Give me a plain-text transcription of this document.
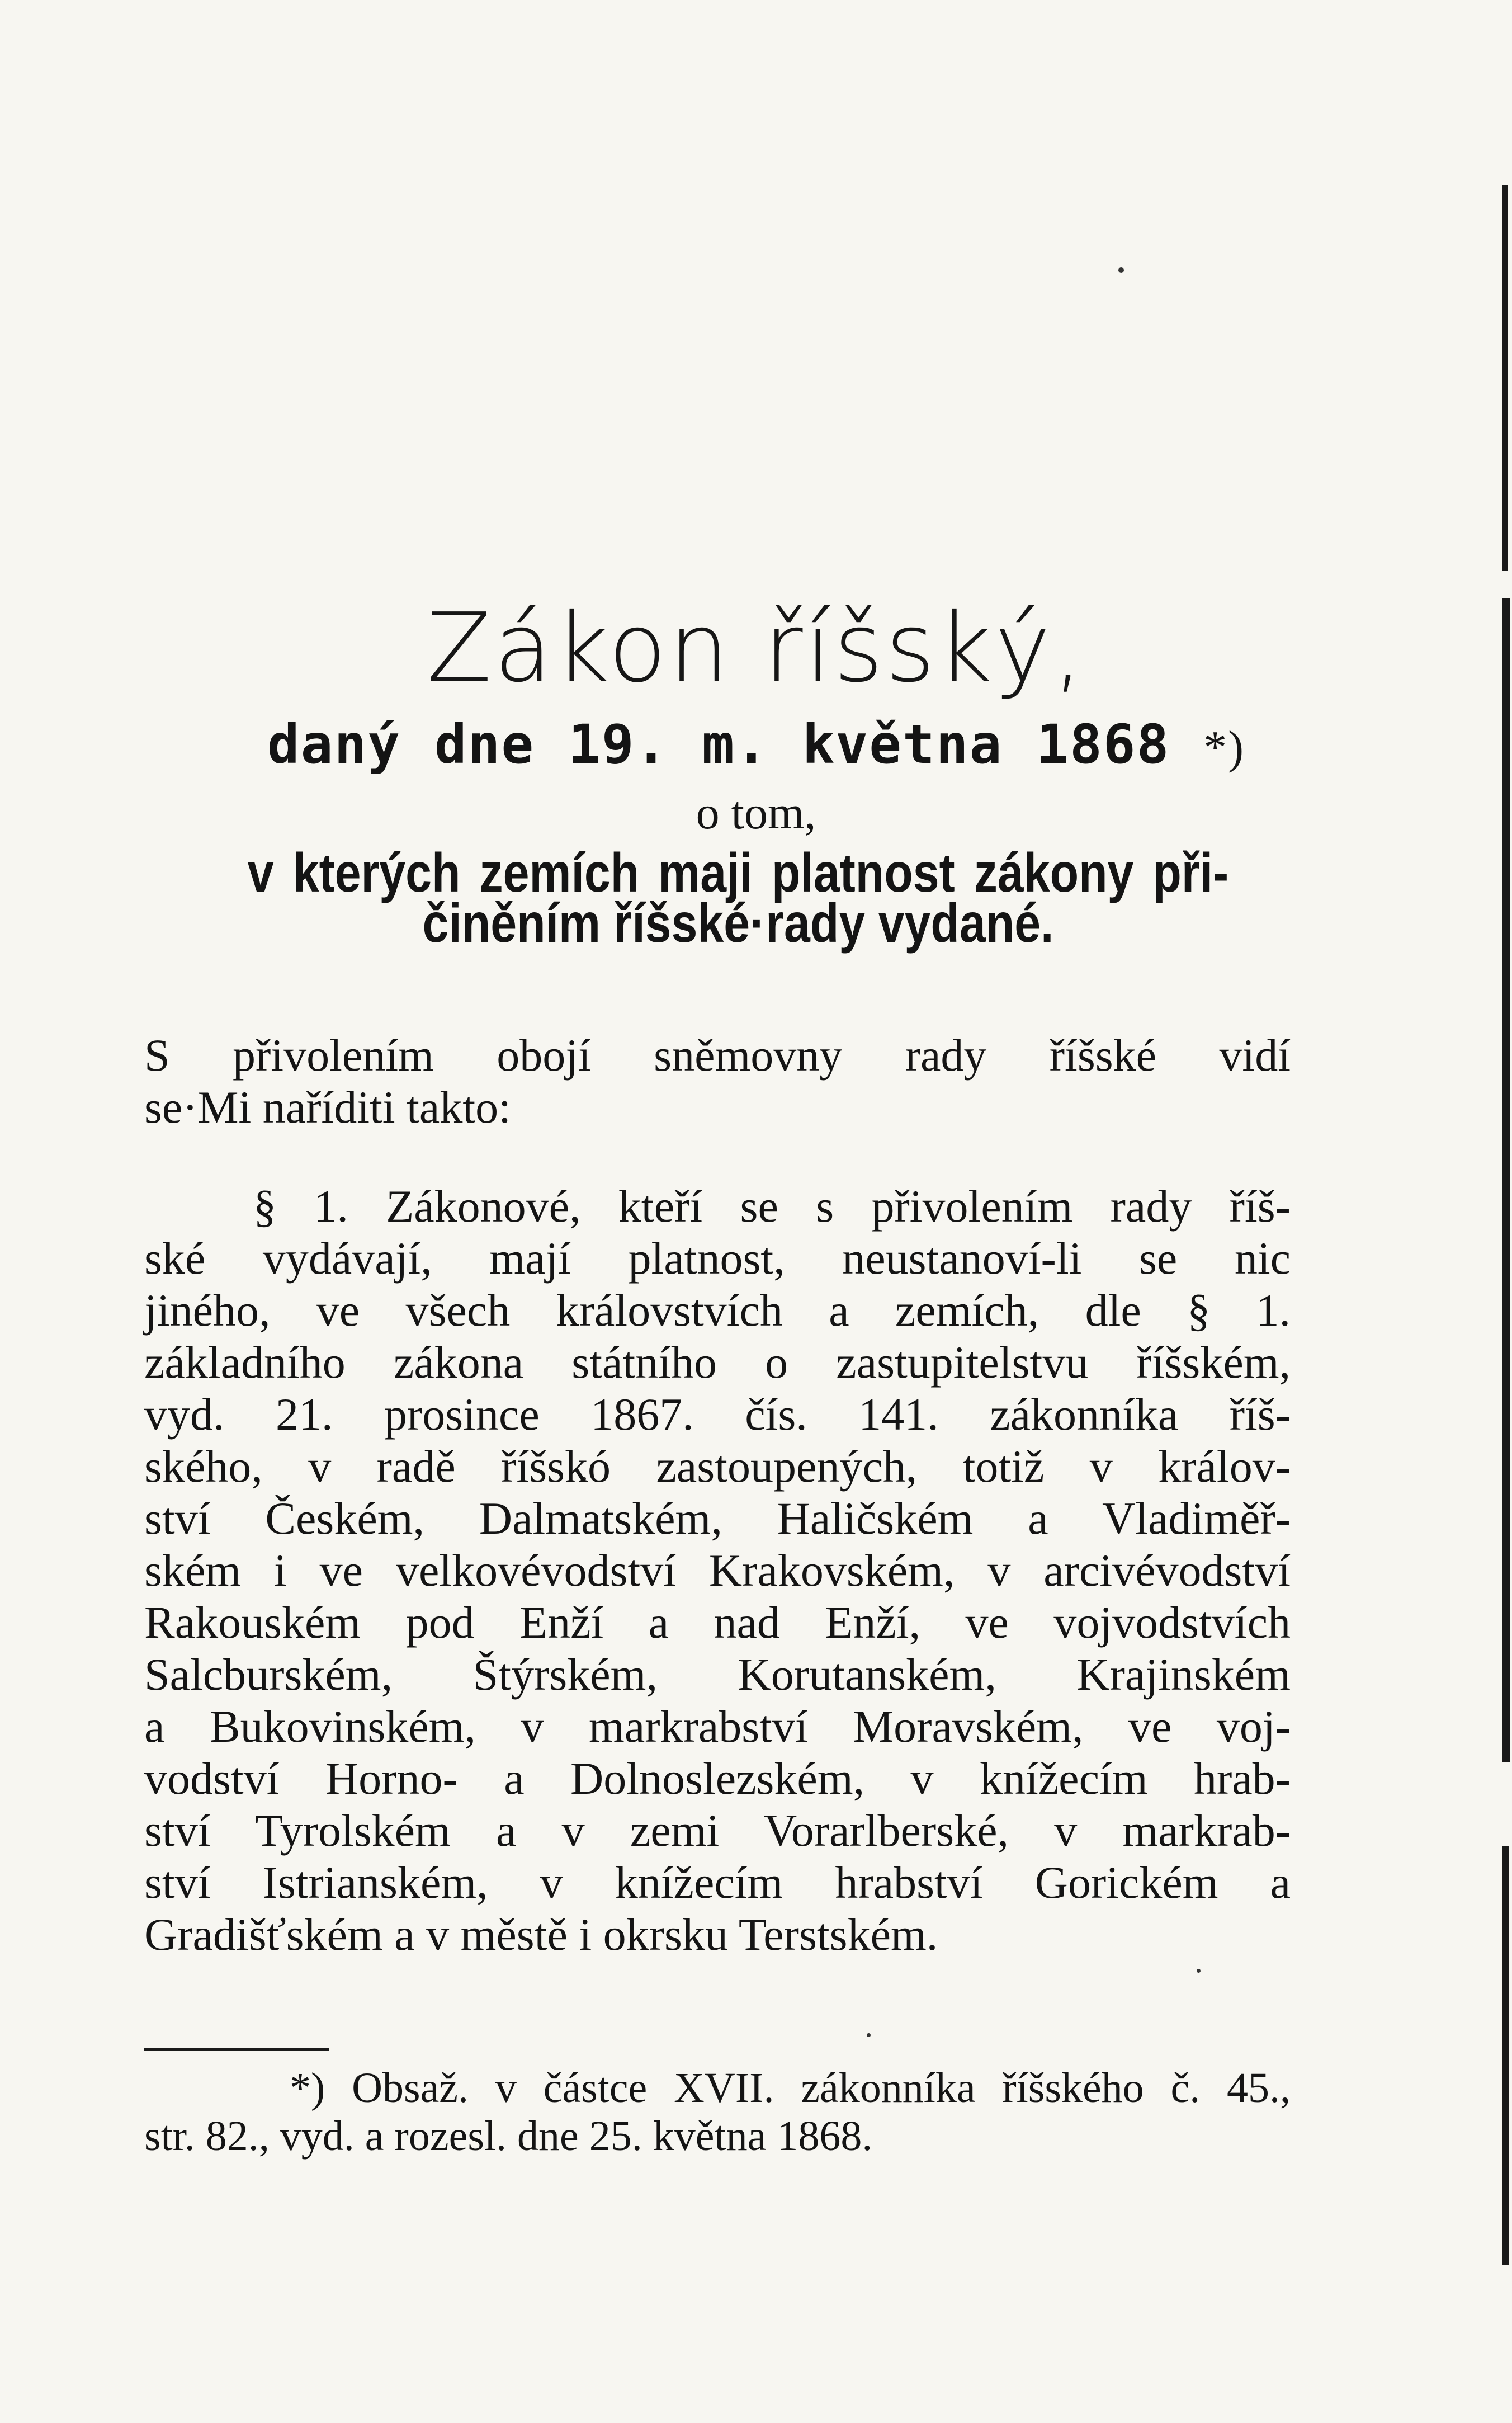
Zákon říšský,
daný dne 19. m. května 1868 *)
o tom,
v kterých zemích maji platnost zákony při-
činěním říšské·rady vydané.
S přivolením obojí sněmovny rady říšské vidí
se·Mi naříditi takto:
§ 1. Zákonové, kteří se s přivolením rady říš-
ské vydávají, mají platnost, neustanoví-li se nic
jiného, ve všech královstvích a zemích, dle § 1.
základního zákona státního o zastupitelstvu říšském,
vyd. 21. prosince 1867. čís. 141. zákonníka říš-
ského, v radě říšskó zastoupených, totiž v králov-
ství Českém, Dalmatském, Haličském a Vladiměř-
ském i ve velkovévodství Krakovském, v arcivévodství
Rakouském pod Enží a nad Enží, ve vojvodstvích
Salcburském, Štýrském, Korutanském, Krajinském
a Bukovinském, v markrabství Moravském, ve voj-
vodství Horno- a Dolnoslezském, v knížecím hrab-
ství Tyrolském a v zemi Vorarlberské, v markrab-
ství Istrianském, v knížecím hrabství Gorickém a
Gradišťském a v městě i okrsku Terstském.
*) Obsaž. v částce XVII. zákonníka říšského č. 45.,
str. 82., vyd. a rozesl. dne 25. května 1868.
